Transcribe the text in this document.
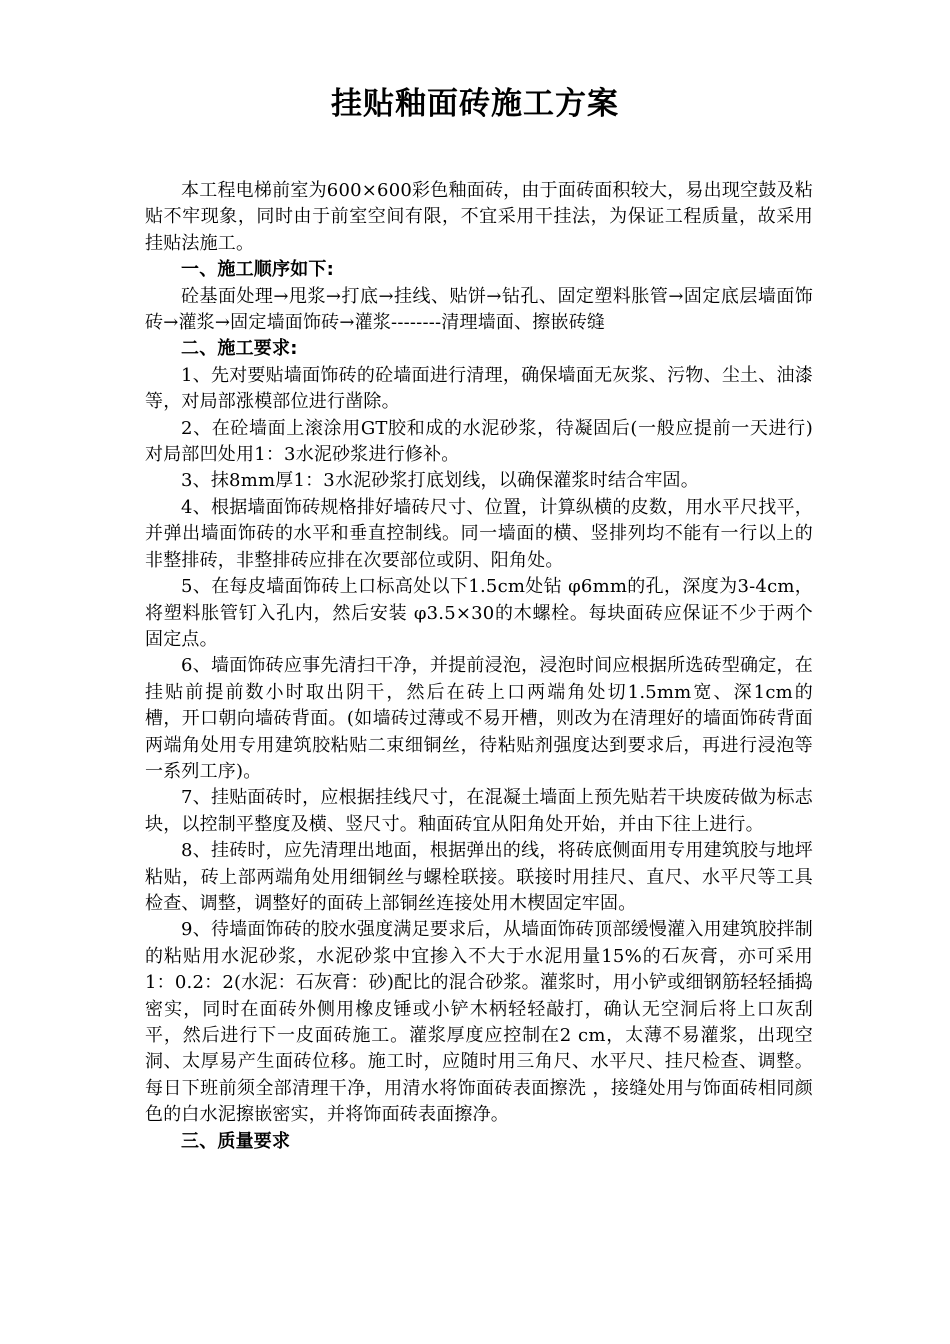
挂贴釉面砖施工方案

本工程电梯前室为600×600彩色釉面砖，由于面砖面积较大，易出现空鼓及粘贴不牢现象，同时由于前室空间有限，不宜采用干挂法，为保证工程质量，故采用挂贴法施工。

一、施工顺序如下:

砼基面处理→甩浆→打底→挂线、贴饼→钻孔、固定塑料胀管→固定底层墙面饰砖→灌浆→固定墙面饰砖→灌浆--------清理墙面、擦嵌砖缝

二、施工要求:

1、先对要贴墙面饰砖的砼墙面进行清理，确保墙面无灰浆、污物、尘土、油漆等，对局部涨模部位进行凿除。

2、在砼墙面上滚涂用GT胶和成的水泥砂浆，待凝固后(一般应提前一天进行)对局部凹处用1：3水泥砂浆进行修补。

3、抹8mm厚1：3水泥砂浆打底划线，以确保灌浆时结合牢固。

4、根据墙面饰砖规格排好墙砖尺寸、位置，计算纵横的皮数，用水平尺找平，并弹出墙面饰砖的水平和垂直控制线。同一墙面的横、竖排列均不能有一行以上的非整排砖，非整排砖应排在次要部位或阴、阳角处。

5、在每皮墙面饰砖上口标高处以下1.5cm处钻 φ6mm的孔，深度为3-4cm，将塑料胀管钉入孔内，然后安装 φ3.5×30的木螺栓。每块面砖应保证不少于两个固定点。

6、墙面饰砖应事先清扫干净，并提前浸泡，浸泡时间应根据所选砖型确定，在挂贴前提前数小时取出阴干，然后在砖上口两端角处切1.5mm宽、深1cm的　　槽，开口朝向墙砖背面。(如墙砖过薄或不易开槽，则改为在清理好的墙面饰砖背面两端角处用专用建筑胶粘贴二束细铜丝，待粘贴剂强度达到要求后，再进行浸泡等一系列工序)。

7、挂贴面砖时，应根据挂线尺寸，在混凝土墙面上预先贴若干块废砖做为标志块，以控制平整度及横、竖尺寸。釉面砖宜从阳角处开始，并由下往上进行。

8、挂砖时，应先清理出地面，根据弹出的线，将砖底侧面用专用建筑胶与地坪粘贴，砖上部两端角处用细铜丝与螺栓联接。联接时用挂尺、直尺、水平尺等工具检查、调整，调整好的面砖上部铜丝连接处用木楔固定牢固。

9、待墙面饰砖的胶水强度满足要求后，从墙面饰砖顶部缓慢灌入用建筑胶拌制的粘贴用水泥砂浆，水泥砂浆中宜掺入不大于水泥用量15%的石灰膏，亦可采用1：0.2：2(水泥：石灰膏：砂)配比的混合砂浆。灌浆时，用小铲或细钢筋轻轻插捣密实，同时在面砖外侧用橡皮锤或小铲木柄轻轻敲打，确认无空洞后将上口灰刮平，然后进行下一皮面砖施工。灌浆厚度应控制在2 cm，太薄不易灌浆，出现空洞、太厚易产生面砖位移。施工时，应随时用三角尺、水平尺、挂尺检查、调整。每日下班前须全部清理干净，用清水将饰面砖表面擦洗 ，接缝处用与饰面砖相同颜色的白水泥擦嵌密实，并将饰面砖表面擦净。

三、质量要求
